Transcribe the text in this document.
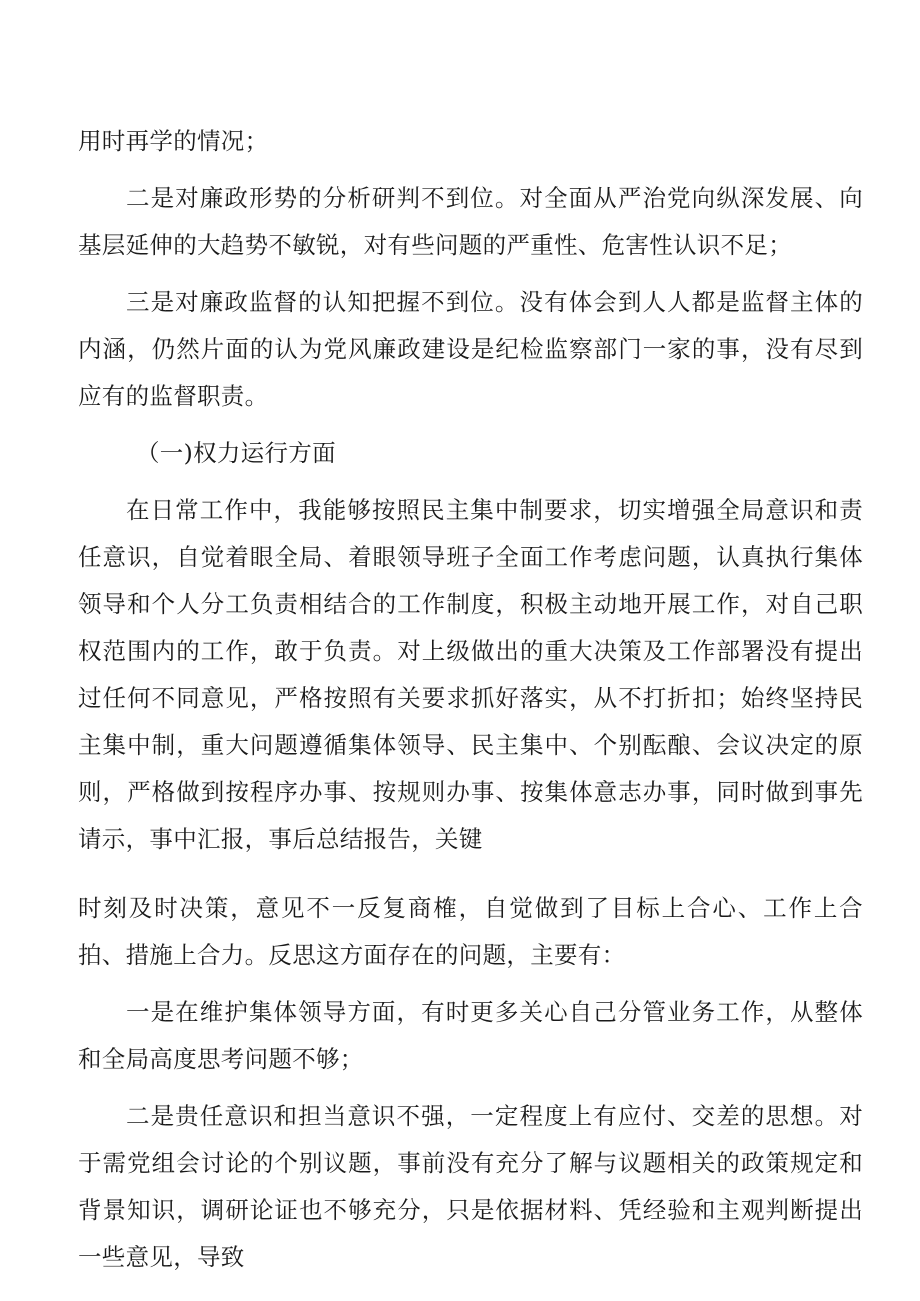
用时再学的情况；

二是对廉政形势的分析研判不到位。对全面从严治党向纵深发展、向基层延伸的大趋势不敏锐，对有些问题的严重性、危害性认识不足；

三是对廉政监督的认知把握不到位。没有体会到人人都是监督主体的内涵，仍然片面的认为党风廉政建设是纪检监察部门一家的事，没有尽到应有的监督职责。

（一)权力运行方面

在日常工作中，我能够按照民主集中制要求，切实增强全局意识和责任意识，自觉着眼全局、着眼领导班子全面工作考虑问题，认真执行集体领导和个人分工负责相结合的工作制度，积极主动地开展工作，对自己职权范围内的工作，敢于负责。对上级做出的重大决策及工作部署没有提出过任何不同意见，严格按照有关要求抓好落实，从不打折扣；始终坚持民主集中制，重大问题遵循集体领导、民主集中、个别酝酿、会议决定的原则，严格做到按程序办事、按规则办事、按集体意志办事，同时做到事先请示，事中汇报，事后总结报告，关键

时刻及时决策，意见不一反复商榷，自觉做到了目标上合心、工作上合拍、措施上合力。反思这方面存在的问题，主要有：

一是在维护集体领导方面，有时更多关心自己分管业务工作，从整体和全局高度思考问题不够；

二是贵任意识和担当意识不强，一定程度上有应付、交差的思想。对于需党组会讨论的个别议题，事前没有充分了解与议题相关的政策规定和背景知识，调研论证也不够充分，只是依据材料、凭经验和主观判断提出一些意见，导致
